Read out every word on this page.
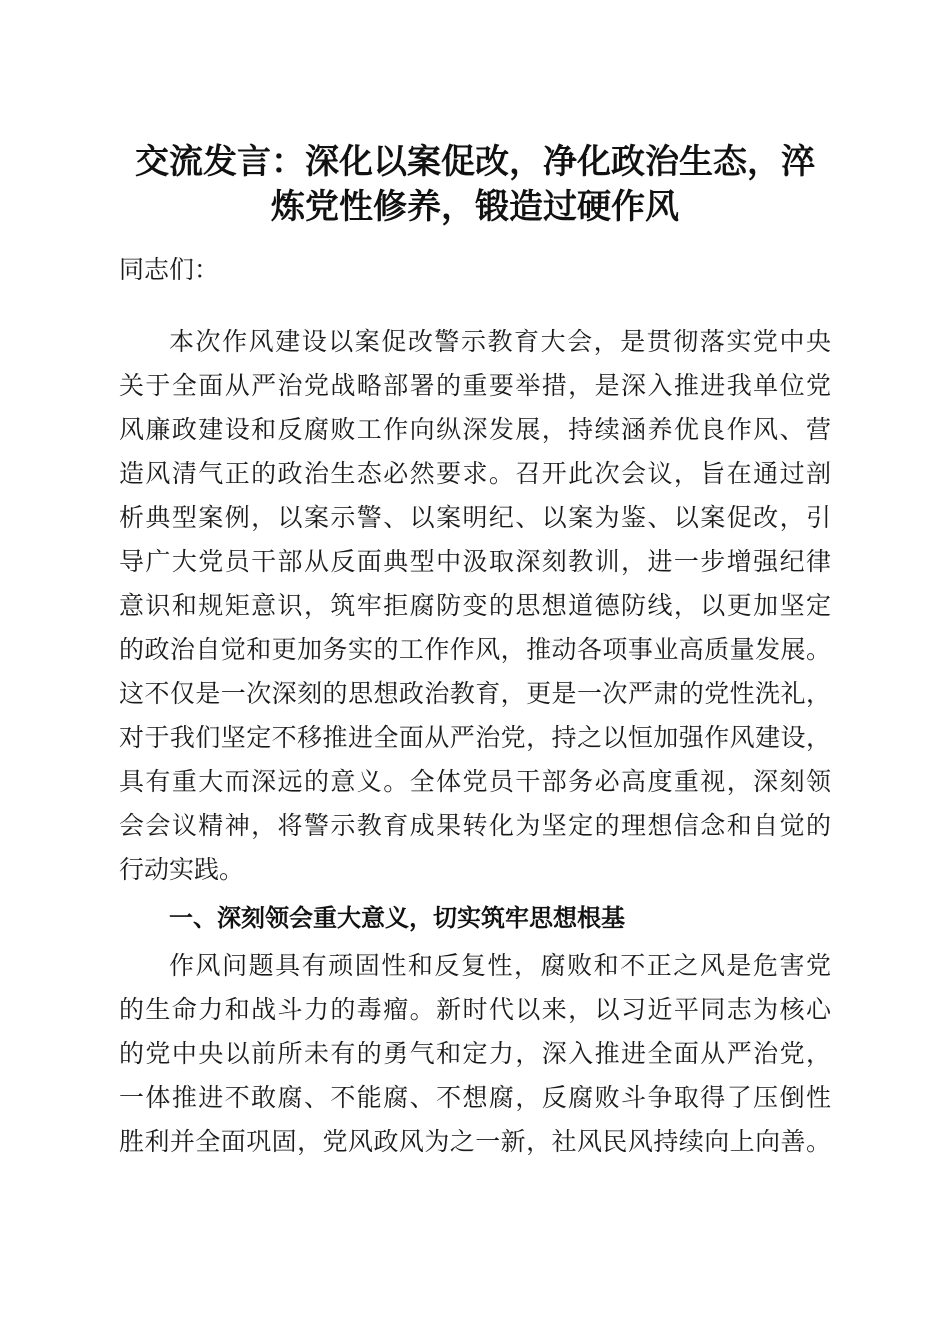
交流发言：深化以案促改，净化政治生态，淬
炼党性修养，锻造过硬作风
同志们：
本次作风建设以案促改警示教育大会，是贯彻落实党中央
关于全面从严治党战略部署的重要举措，是深入推进我单位党
风廉政建设和反腐败工作向纵深发展，持续涵养优良作风、营
造风清气正的政治生态必然要求。召开此次会议，旨在通过剖
析典型案例，以案示警、以案明纪、以案为鉴、以案促改，引
导广大党员干部从反面典型中汲取深刻教训，进一步增强纪律
意识和规矩意识，筑牢拒腐防变的思想道德防线，以更加坚定
的政治自觉和更加务实的工作作风，推动各项事业高质量发展。
这不仅是一次深刻的思想政治教育，更是一次严肃的党性洗礼，
对于我们坚定不移推进全面从严治党，持之以恒加强作风建设，
具有重大而深远的意义。全体党员干部务必高度重视，深刻领
会会议精神，将警示教育成果转化为坚定的理想信念和自觉的
行动实践。
一、深刻领会重大意义，切实筑牢思想根基
作风问题具有顽固性和反复性，腐败和不正之风是危害党
的生命力和战斗力的毒瘤。新时代以来，以习近平同志为核心
的党中央以前所未有的勇气和定力，深入推进全面从严治党，
一体推进不敢腐、不能腐、不想腐，反腐败斗争取得了压倒性
胜利并全面巩固，党风政风为之一新，社风民风持续向上向善。
